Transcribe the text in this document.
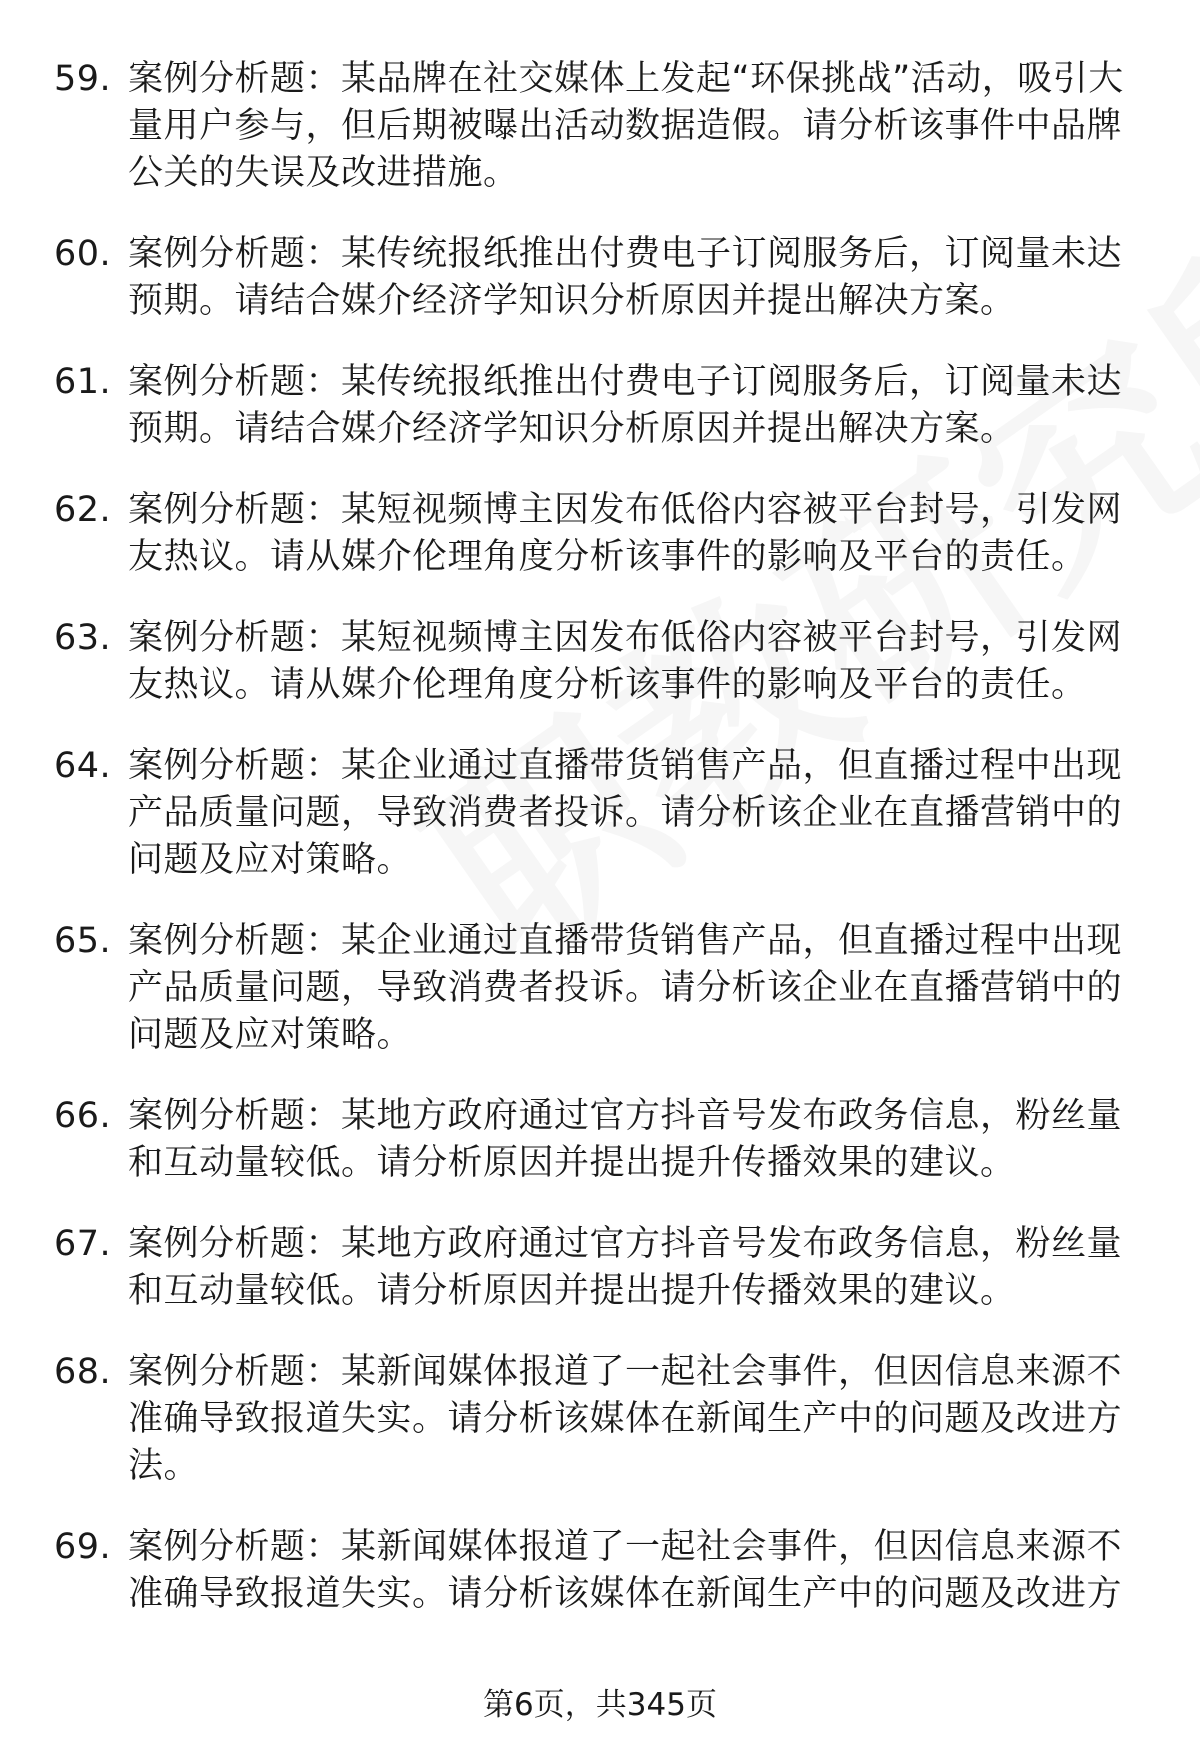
59. 案例分析题：某品牌在社交媒体上发起“环保挑战”活动，吸引大量用户参与，但后期被曝出活动数据造假。请分析该事件中品牌公关的失误及改进措施。
60. 案例分析题：某传统报纸推出付费电子订阅服务后，订阅量未达预期。请结合媒介经济学知识分析原因并提出解决方案。
61. 案例分析题：某传统报纸推出付费电子订阅服务后，订阅量未达预期。请结合媒介经济学知识分析原因并提出解决方案。
62. 案例分析题：某短视频博主因发布低俗内容被平台封号，引发网友热议。请从媒介伦理角度分析该事件的影响及平台的责任。
63. 案例分析题：某短视频博主因发布低俗内容被平台封号，引发网友热议。请从媒介伦理角度分析该事件的影响及平台的责任。
64. 案例分析题：某企业通过直播带货销售产品，但直播过程中出现产品质量问题，导致消费者投诉。请分析该企业在直播营销中的问题及应对策略。
65. 案例分析题：某企业通过直播带货销售产品，但直播过程中出现产品质量问题，导致消费者投诉。请分析该企业在直播营销中的问题及应对策略。
66. 案例分析题：某地方政府通过官方抖音号发布政务信息，粉丝量和互动量较低。请分析原因并提出提升传播效果的建议。
67. 案例分析题：某地方政府通过官方抖音号发布政务信息，粉丝量和互动量较低。请分析原因并提出提升传播效果的建议。
68. 案例分析题：某新闻媒体报道了一起社会事件，但因信息来源不准确导致报道失实。请分析该媒体在新闻生产中的问题及改进方法。
69. 案例分析题：某新闻媒体报道了一起社会事件，但因信息来源不准确导致报道失实。请分析该媒体在新闻生产中的问题及改进方
第6页，共345页
